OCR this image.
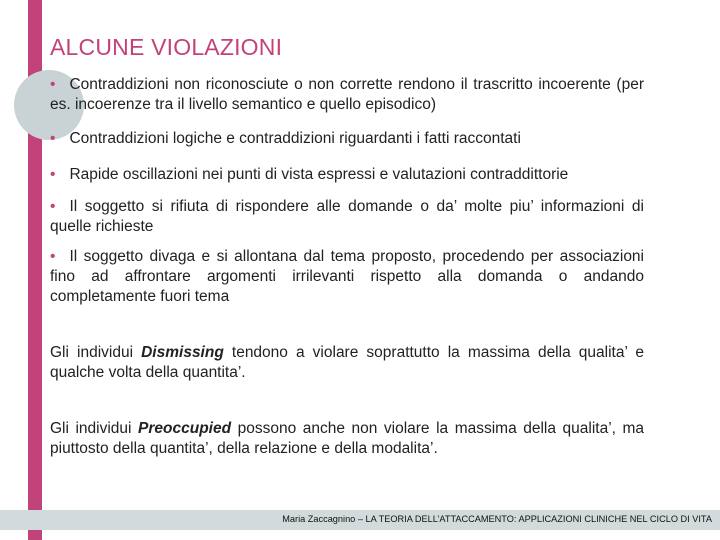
ALCUNE VIOLAZIONI

• Contraddizioni non riconosciute o non corrette rendono il trascritto incoerente (per es. incoerenze tra il livello semantico e quello episodico)

• Contraddizioni logiche e contraddizioni riguardanti i fatti raccontati

• Rapide oscillazioni nei punti di vista espressi e valutazioni contraddittorie

• Il soggetto si rifiuta di rispondere alle domande o da’ molte piu’ informazioni di quelle richieste

• Il soggetto divaga e si allontana dal tema proposto, procedendo per associazioni fino ad affrontare argomenti irrilevanti rispetto alla domanda o andando completamente fuori tema

Gli individui Dismissing tendono a violare soprattutto la massima della qualita’ e qualche volta della quantita’.

Gli individui Preoccupied possono anche non violare la massima della qualita’, ma piuttosto della quantita’, della relazione e della modalita’.

Maria Zaccagnino – LA TEORIA DELL’ATTACCAMENTO: APPLICAZIONI CLINICHE NEL CICLO DI VITA
